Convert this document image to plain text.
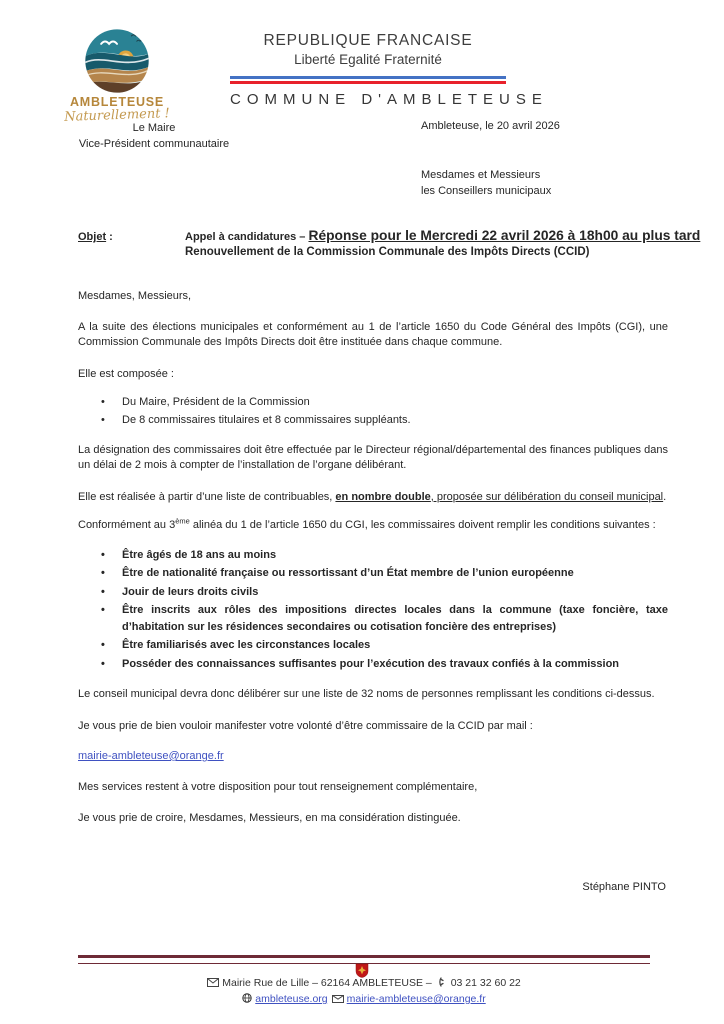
AMBLETEUSE
Naturellement !
REPUBLIQUE FRANCAISE
Liberté Egalité Fraternité
COMMUNE D'AMBLETEUSE
Le Maire
Vice-Président communautaire
Ambleteuse, le 20 avril 2026
Mesdames et Messieurs
les Conseillers municipaux
Objet :	Appel à candidatures – Réponse pour le Mercredi 22 avril 2026 à 18h00 au plus tard
Renouvellement de la Commission Communale des Impôts Directs (CCID)

Mesdames, Messieurs,

A la suite des élections municipales et conformément au 1 de l’article 1650 du Code Général des Impôts (CGI), une Commission Communale des Impôts Directs doit être instituée dans chaque commune.

Elle est composée :

• Du Maire, Président de la Commission
• De 8 commissaires titulaires et 8 commissaires suppléants.

La désignation des commissaires doit être effectuée par le Directeur régional/départemental des finances publiques dans un délai de 2 mois à compter de l’installation de l’organe délibérant.

Elle est réalisée à partir d’une liste de contribuables, en nombre double, proposée sur délibération du conseil municipal.

Conformément au 3ème alinéa du 1 de l’article 1650 du CGI, les commissaires doivent remplir les conditions suivantes :

• Être âgés de 18 ans au moins
• Être de nationalité française ou ressortissant d’un État membre de l’union européenne
• Jouir de leurs droits civils
• Être inscrits aux rôles des impositions directes locales dans la commune (taxe foncière, taxe d’habitation sur les résidences secondaires ou cotisation foncière des entreprises)
• Être familiarisés avec les circonstances locales
• Posséder des connaissances suffisantes pour l’exécution des travaux confiés à la commission

Le conseil municipal devra donc délibérer sur une liste de 32 noms de personnes remplissant les conditions ci-dessus.

Je vous prie de bien vouloir manifester votre volonté d’être commissaire de la CCID par mail :

mairie-ambleteuse@orange.fr

Mes services restent à votre disposition pour tout renseignement complémentaire,

Je vous prie de croire, Mesdames, Messieurs, en ma considération distinguée.

Stéphane PINTO
Mairie Rue de Lille – 62164 AMBLETEUSE – 03 21 32 60 22
ambleteuse.org mairie-ambleteuse@orange.fr
